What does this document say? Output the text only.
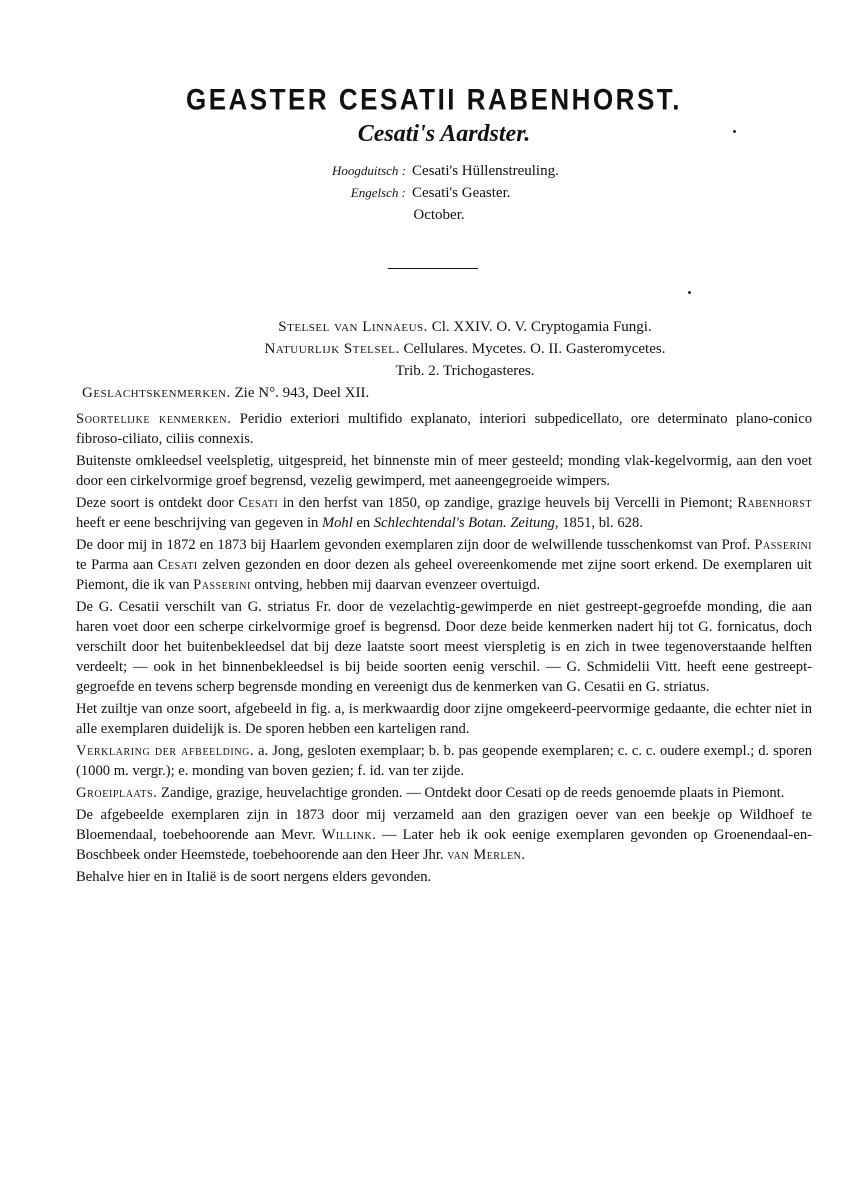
GEASTER CESATII RABENHORST.
Cesati's Aardster.
Hoogduitsch : Cesati's Hüllenstreuling.
Engelsch : Cesati's Geaster.
October.
Stelsel van Linnaeus. Cl. XXIV. O. V. Cryptogamia Fungi.
Natuurlijk Stelsel. Cellulares. Mycetes. O. II. Gasteromycetes.
Trib. 2. Trichogasteres.
Geslachtskenmerken. Zie N°. 943, Deel XII.

Soortelijke kenmerken. Peridio exteriori multifido explanato, interiori subpedicellato, ore determinato plano-conico fibroso-ciliato, ciliis connexis.

Buitenste omkleedsel veelspletig, uitgespreid, het binnenste min of meer gesteeld; monding vlak-kegelvormig, aan den voet door een cirkelvormige groef begrensd, vezelig gewimperd, met aaneengegroeide wimpers.

Deze soort is ontdekt door Cesati in den herfst van 1850, op zandige, grazige heuvels bij Vercelli in Piemont; Rabenhorst heeft er eene beschrijving van gegeven in Mohl en Schlechtendal's Botan. Zeitung, 1851, bl. 628.

De door mij in 1872 en 1873 bij Haarlem gevonden exemplaren zijn door de welwillende tusschenkomst van Prof. Passerini te Parma aan Cesati zelven gezonden en door dezen als geheel overeenkomende met zijne soort erkend. De exemplaren uit Piemont, die ik van Passerini ontving, hebben mij daarvan evenzeer overtuigd.

De G. Cesatii verschilt van G. striatus Fr. door de vezelachtig-gewimperde en niet gestreept-gegroefde monding, die aan haren voet door een scherpe cirkelvormige groef is begrensd. Door deze beide kenmerken nadert hij tot G. fornicatus, doch verschilt door het buitenbekleedsel dat bij deze laatste soort meest vierspletig is en zich in twee tegenoverstaande helften verdeelt; — ook in het binnenbekleedsel is bij beide soorten eenig verschil. — G. Schmidelii Vitt. heeft eene gestreept-gegroefde en tevens scherp begrensde monding en vereenigt dus de kenmerken van G. Cesatii en G. striatus.

Het zuiltje van onze soort, afgebeeld in fig. a, is merkwaardig door zijne omgekeerd-peervormige gedaante, die echter niet in alle exemplaren duidelijk is. De sporen hebben een karteligen rand.

Verklaring der afbeelding. a. Jong, gesloten exemplaar; b. b. pas geopende exemplaren; c. c. c. oudere exempl.; d. sporen (1000 m. vergr.); e. monding van boven gezien; f. id. van ter zijde.

Groeiplaats. Zandige, grazige, heuvelachtige gronden. — Ontdekt door Cesati op de reeds genoemde plaats in Piemont.

De afgebeelde exemplaren zijn in 1873 door mij verzameld aan den grazigen oever van een beekje op Wildhoef te Bloemendaal, toebehoorende aan Mevr. Willink. — Later heb ik ook eenige exemplaren gevonden op Groenendaal-en-Boschbeek onder Heemstede, toebehoorende aan den Heer Jhr. van Merlen.

Behalve hier en in Italië is de soort nergens elders gevonden.
